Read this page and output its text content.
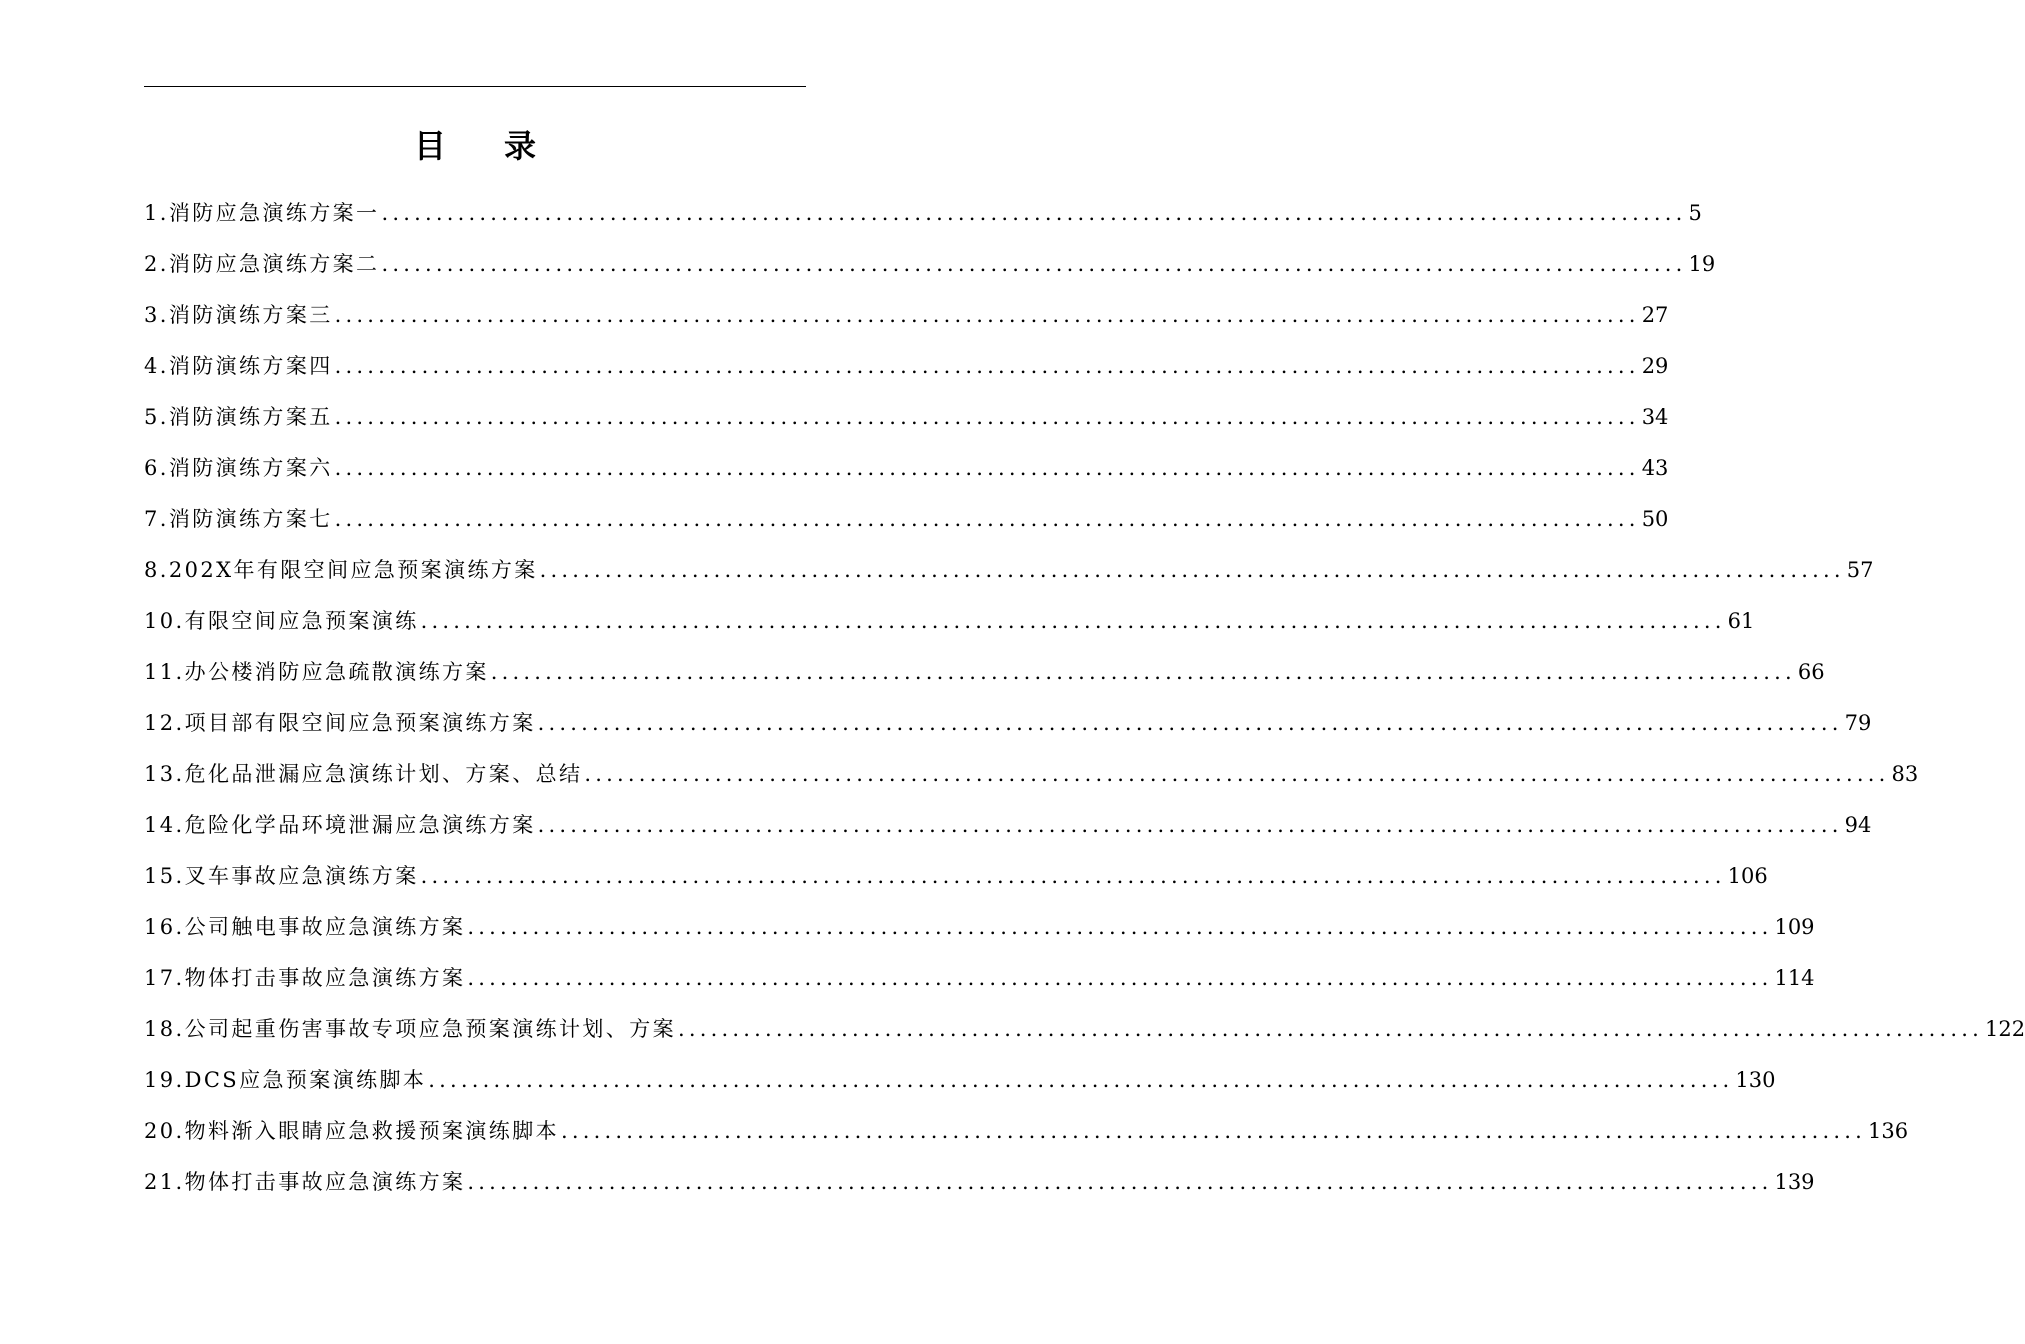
目 录
1.消防应急演练方案一 ........................................................................................................................ 5
2.消防应急演练方案二 ........................................................................................................................ 19
3.消防演练方案三 ........................................................................................................................ 27
4.消防演练方案四 ........................................................................................................................ 29
5.消防演练方案五 ........................................................................................................................ 34
6.消防演练方案六 ........................................................................................................................ 43
7.消防演练方案七 ........................................................................................................................ 50
8.202X年有限空间应急预案演练方案 ........................................................................................................................ 57
10.有限空间应急预案演练 ........................................................................................................................ 61
11.办公楼消防应急疏散演练方案 ........................................................................................................................ 66
12.项目部有限空间应急预案演练方案 ........................................................................................................................ 79
13.危化品泄漏应急演练计划、方案、总结 ........................................................................................................................ 83
14.危险化学品环境泄漏应急演练方案 ........................................................................................................................ 94
15.叉车事故应急演练方案 ........................................................................................................................ 106
16.公司触电事故应急演练方案 ........................................................................................................................ 109
17.物体打击事故应急演练方案 ........................................................................................................................ 114
18.公司起重伤害事故专项应急预案演练计划、方案 ........................................................................................................................ 122
19.DCS应急预案演练脚本 ........................................................................................................................ 130
20.物料渐入眼睛应急救援预案演练脚本 ........................................................................................................................ 136
21.物体打击事故应急演练方案 ........................................................................................................................ 139
